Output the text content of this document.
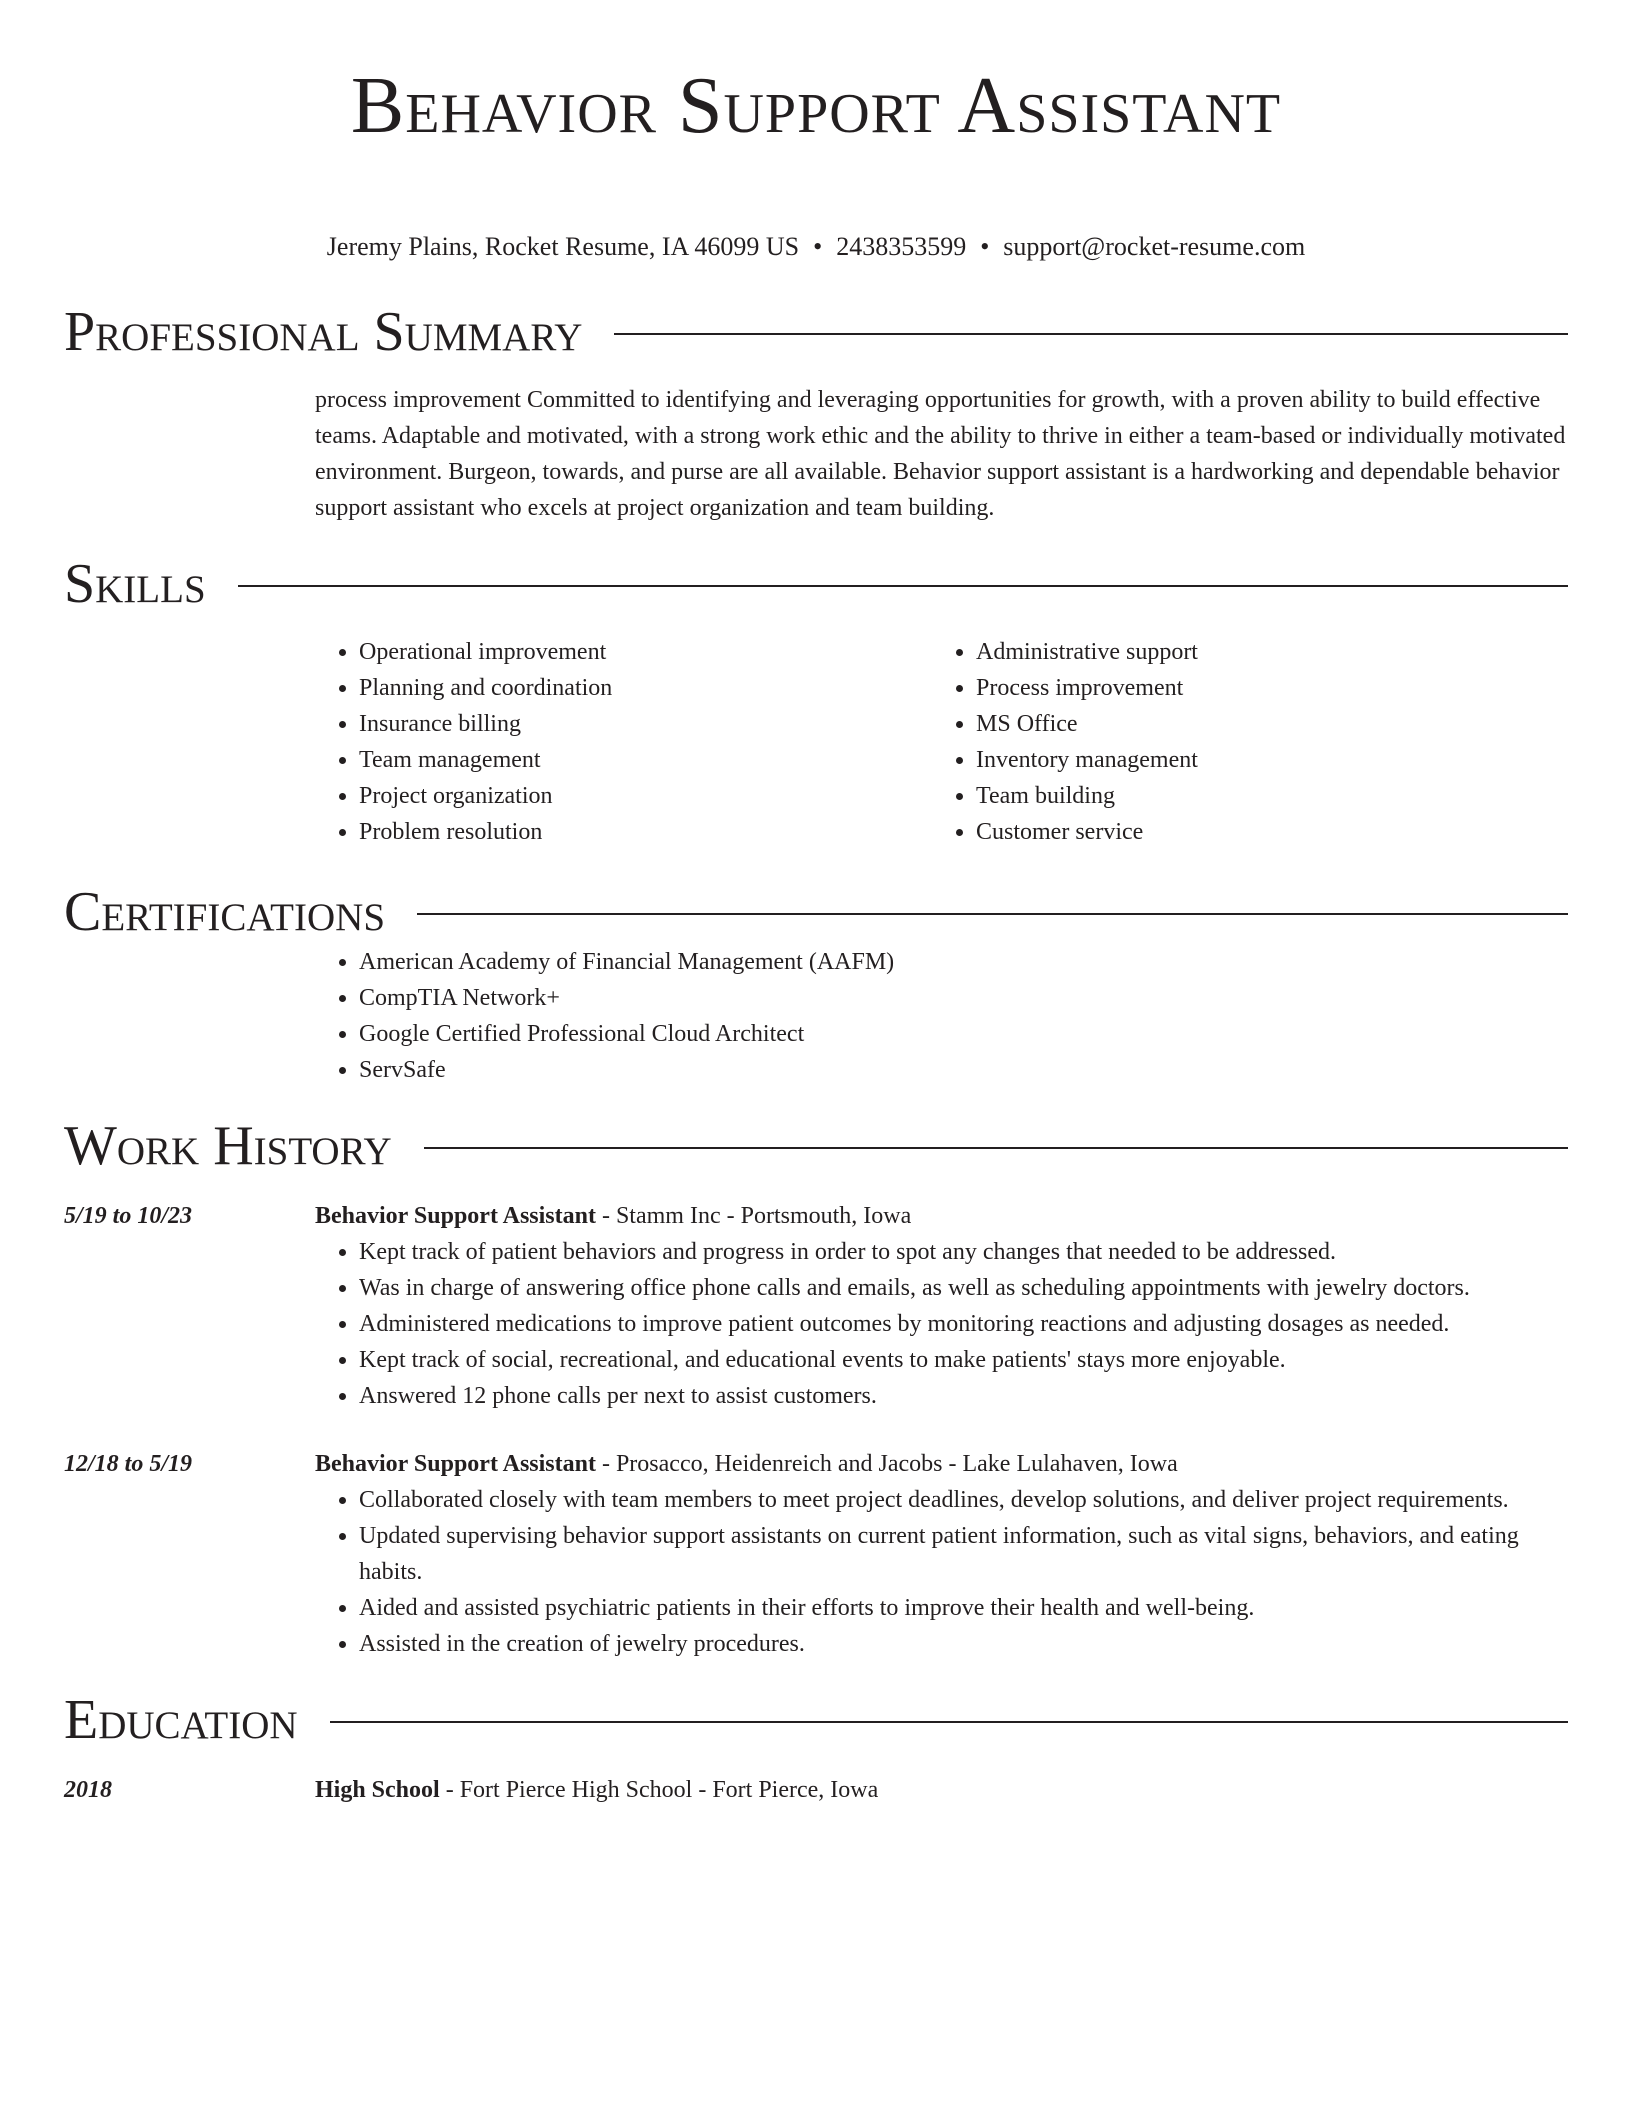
Behavior Support Assistant
Jeremy Plains, Rocket Resume, IA 46099 US • 2438353599 • support@rocket-resume.com
Professional Summary

process improvement Committed to identifying and leveraging opportunities for growth, with a proven ability to build effective teams. Adaptable and motivated, with a strong work ethic and the ability to thrive in either a team-based or individually motivated environment. Burgeon, towards, and purse are all available. Behavior support assistant is a hardworking and dependable behavior support assistant who excels at project organization and team building.

Skills
• Operational improvement
• Planning and coordination
• Insurance billing
• Team management
• Project organization
• Problem resolution
• Administrative support
• Process improvement
• MS Office
• Inventory management
• Team building
• Customer service
Certifications
• American Academy of Financial Management (AAFM)
• CompTIA Network+
• Google Certified Professional Cloud Architect
• ServSafe
Work History
5/19 to 10/23	Behavior Support Assistant - Stamm Inc - Portsmouth, Iowa
• Kept track of patient behaviors and progress in order to spot any changes that needed to be addressed.
• Was in charge of answering office phone calls and emails, as well as scheduling appointments with jewelry doctors.
• Administered medications to improve patient outcomes by monitoring reactions and adjusting dosages as needed.
• Kept track of social, recreational, and educational events to make patients' stays more enjoyable.
• Answered 12 phone calls per next to assist customers.
12/18 to 5/19	Behavior Support Assistant - Prosacco, Heidenreich and Jacobs - Lake Lulahaven, Iowa
• Collaborated closely with team members to meet project deadlines, develop solutions, and deliver project requirements.
• Updated supervising behavior support assistants on current patient information, such as vital signs, behaviors, and eating habits.
• Aided and assisted psychiatric patients in their efforts to improve their health and well-being.
• Assisted in the creation of jewelry procedures.
Education
2018	High School - Fort Pierce High School - Fort Pierce, Iowa
